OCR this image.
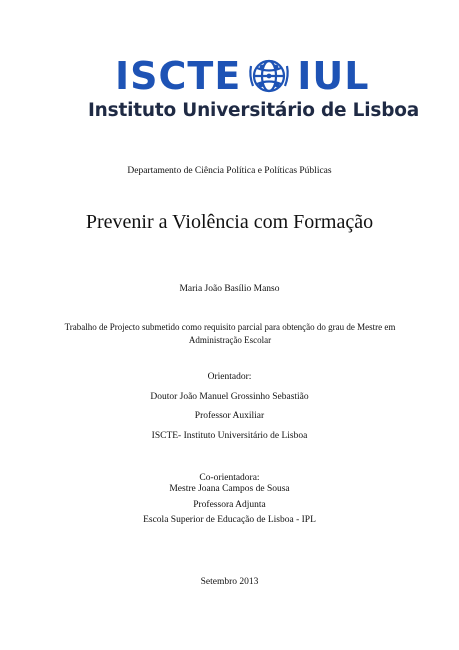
ISCTE IUL
Instituto Universitário de Lisboa
Departamento de Ciência Política e Políticas Públicas
Prevenir a Violência com Formação
Maria João Basílio Manso
Trabalho de Projecto submetido como requisito parcial para obtenção do grau de Mestre em Administração Escolar
Orientador:
Doutor João Manuel Grossinho Sebastião
Professor Auxiliar
ISCTE- Instituto Universitário de Lisboa
Co-orientadora:
Mestre Joana Campos de Sousa
Professora Adjunta
Escola Superior de Educação de Lisboa - IPL
Setembro 2013
